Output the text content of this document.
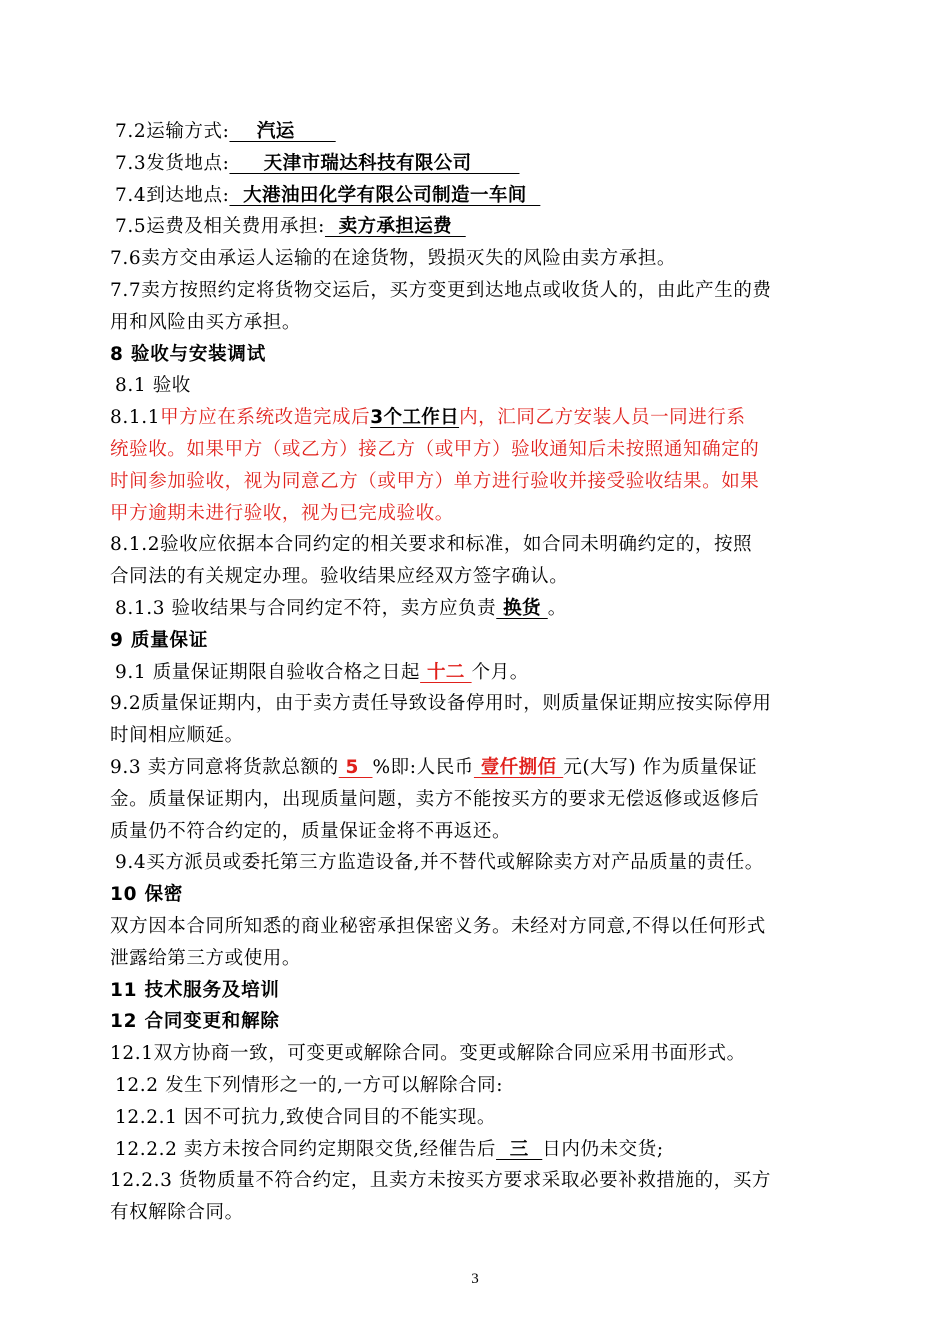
7.2运输方式:    汽运
7.3发货地点:     天津市瑞达科技有限公司
7.4到达地点:  大港油田化学有限公司制造一车间
7.5运费及相关费用承担:  卖方承担运费
7.6卖方交由承运人运输的在途货物，毁损灭失的风险由卖方承担。
7.7卖方按照约定将货物交运后，买方变更到达地点或收货人的，由此产生的费
用和风险由买方承担。
8 验收与安装调试
8.1 验收
8.1.1甲方应在系统改造完成后3个工作日内，汇同乙方安装人员一同进行系
统验收。如果甲方（或乙方）接乙方（或甲方）验收通知后未按照通知确定的
时间参加验收，视为同意乙方（或甲方）单方进行验收并接受验收结果。如果
甲方逾期未进行验收，视为已完成验收。
8.1.2验收应依据本合同约定的相关要求和标准，如合同未明确约定的，按照
合同法的有关规定办理。验收结果应经双方签字确认。
8.1.3 验收结果与合同约定不符，卖方应负责 换货 。
9 质量保证
9.1 质量保证期限自验收合格之日起 十二 个月。
9.2质量保证期内，由于卖方责任导致设备停用时，则质量保证期应按实际停用
时间相应顺延。
9.3 卖方同意将货款总额的 5  %即:人民币 壹仟捌佰 元(大写) 作为质量保证
金。质量保证期内，出现质量问题，卖方不能按买方的要求无偿返修或返修后
质量仍不符合约定的，质量保证金将不再返还。
9.4买方派员或委托第三方监造设备,并不替代或解除卖方对产品质量的责任。
10 保密
双方因本合同所知悉的商业秘密承担保密义务。未经对方同意,不得以任何形式
泄露给第三方或使用。
11 技术服务及培训
12 合同变更和解除
12.1双方协商一致，可变更或解除合同。变更或解除合同应采用书面形式。
12.2 发生下列情形之一的,一方可以解除合同:
12.2.1 因不可抗力,致使合同目的不能实现。
12.2.2 卖方未按合同约定期限交货,经催告后  三  日内仍未交货;
12.2.3 货物质量不符合约定，且卖方未按买方要求采取必要补救措施的，买方
有权解除合同。
3
